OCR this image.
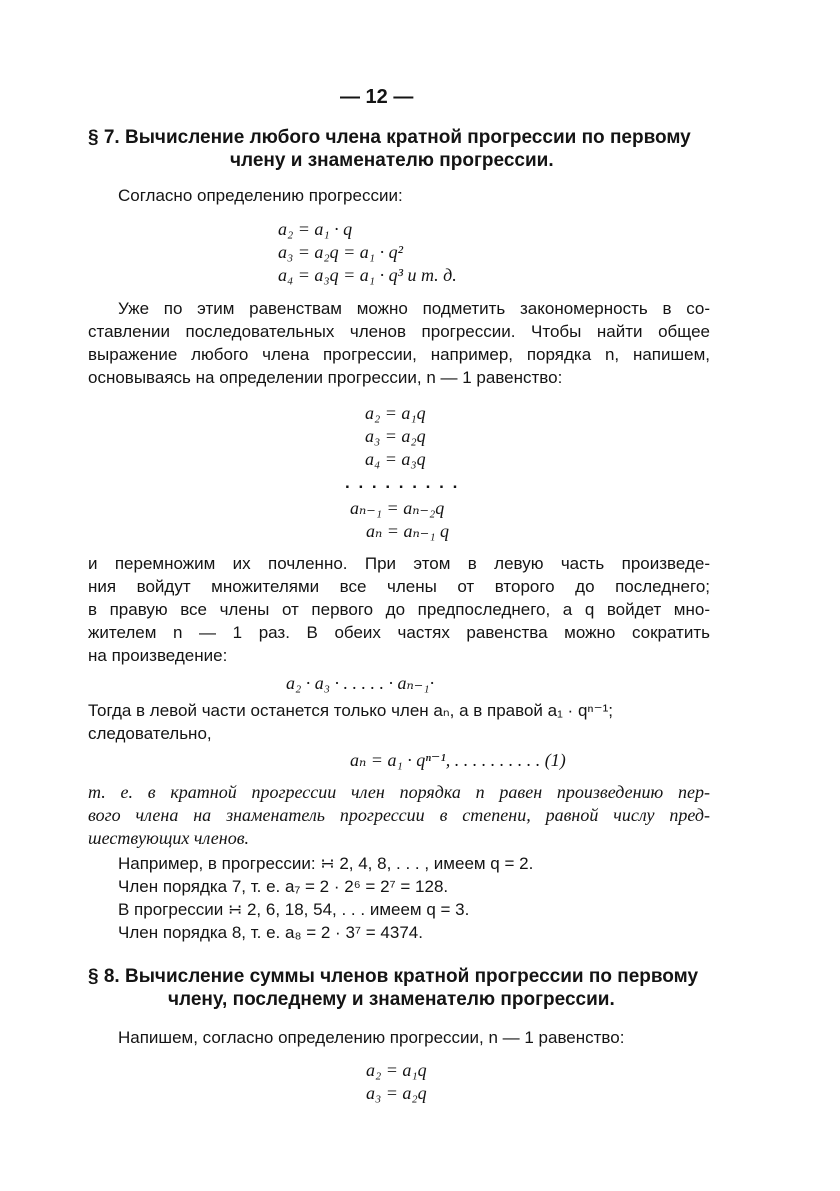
— 12 —
§ 7. Вычисление любого члена кратной прогрессии по первому
члену и знаменателю прогрессии.
Согласно определению прогрессии:
a₂ = a₁ · q
a₃ = a₂q = a₁ · q²
a₄ = a₃q = a₁ · q³ и т. д.
Уже по этим равенствам можно подметить закономерность в со-
ставлении последовательных членов прогрессии. Чтобы найти общее
выражение любого члена прогрессии, например, порядка n, напишем,
основываясь на определении прогрессии, n — 1 равенство:
a₂ = a₁q
a₃ = a₂q
a₄ = a₃q
. . . . . . . . .
aₙ₋₁ = aₙ₋₂q
aₙ = aₙ₋₁ q
и перемножим их почленно. При этом в левую часть произведе-
ния войдут множителями все члены от второго до последнего;
в правую все члены от первого до предпоследнего, а q войдет мно-
жителем n — 1 раз. В обеих частях равенства можно сократить
на произведение:
a₂ · a₃ · . . . . . · aₙ₋₁·
Тогда в левой части останется только член aₙ, а в правой a₁ · qⁿ⁻¹;
следовательно,
aₙ = a₁ · qⁿ⁻¹, . . . . . . . . . . (1)
т. е. в кратной прогрессии член порядка n равен произведению пер-
вого члена на знаменатель прогрессии в степени, равной числу пред-
шествующих членов.
Например, в прогрессии: ∺ 2, 4, 8, . . . , имеем q = 2.
Член порядка 7, т. е. a₇ = 2 · 2⁶ = 2⁷ = 128.
В прогрессии ∺ 2, 6, 18, 54, . . . имеем q = 3.
Член порядка 8, т. е. a₈ = 2 · 3⁷ = 4374.
§ 8. Вычисление суммы членов кратной прогрессии по первому
члену, последнему и знаменателю прогрессии.
Напишем, согласно определению прогрессии, n — 1 равенство:
a₂ = a₁q
a₃ = a₂q
